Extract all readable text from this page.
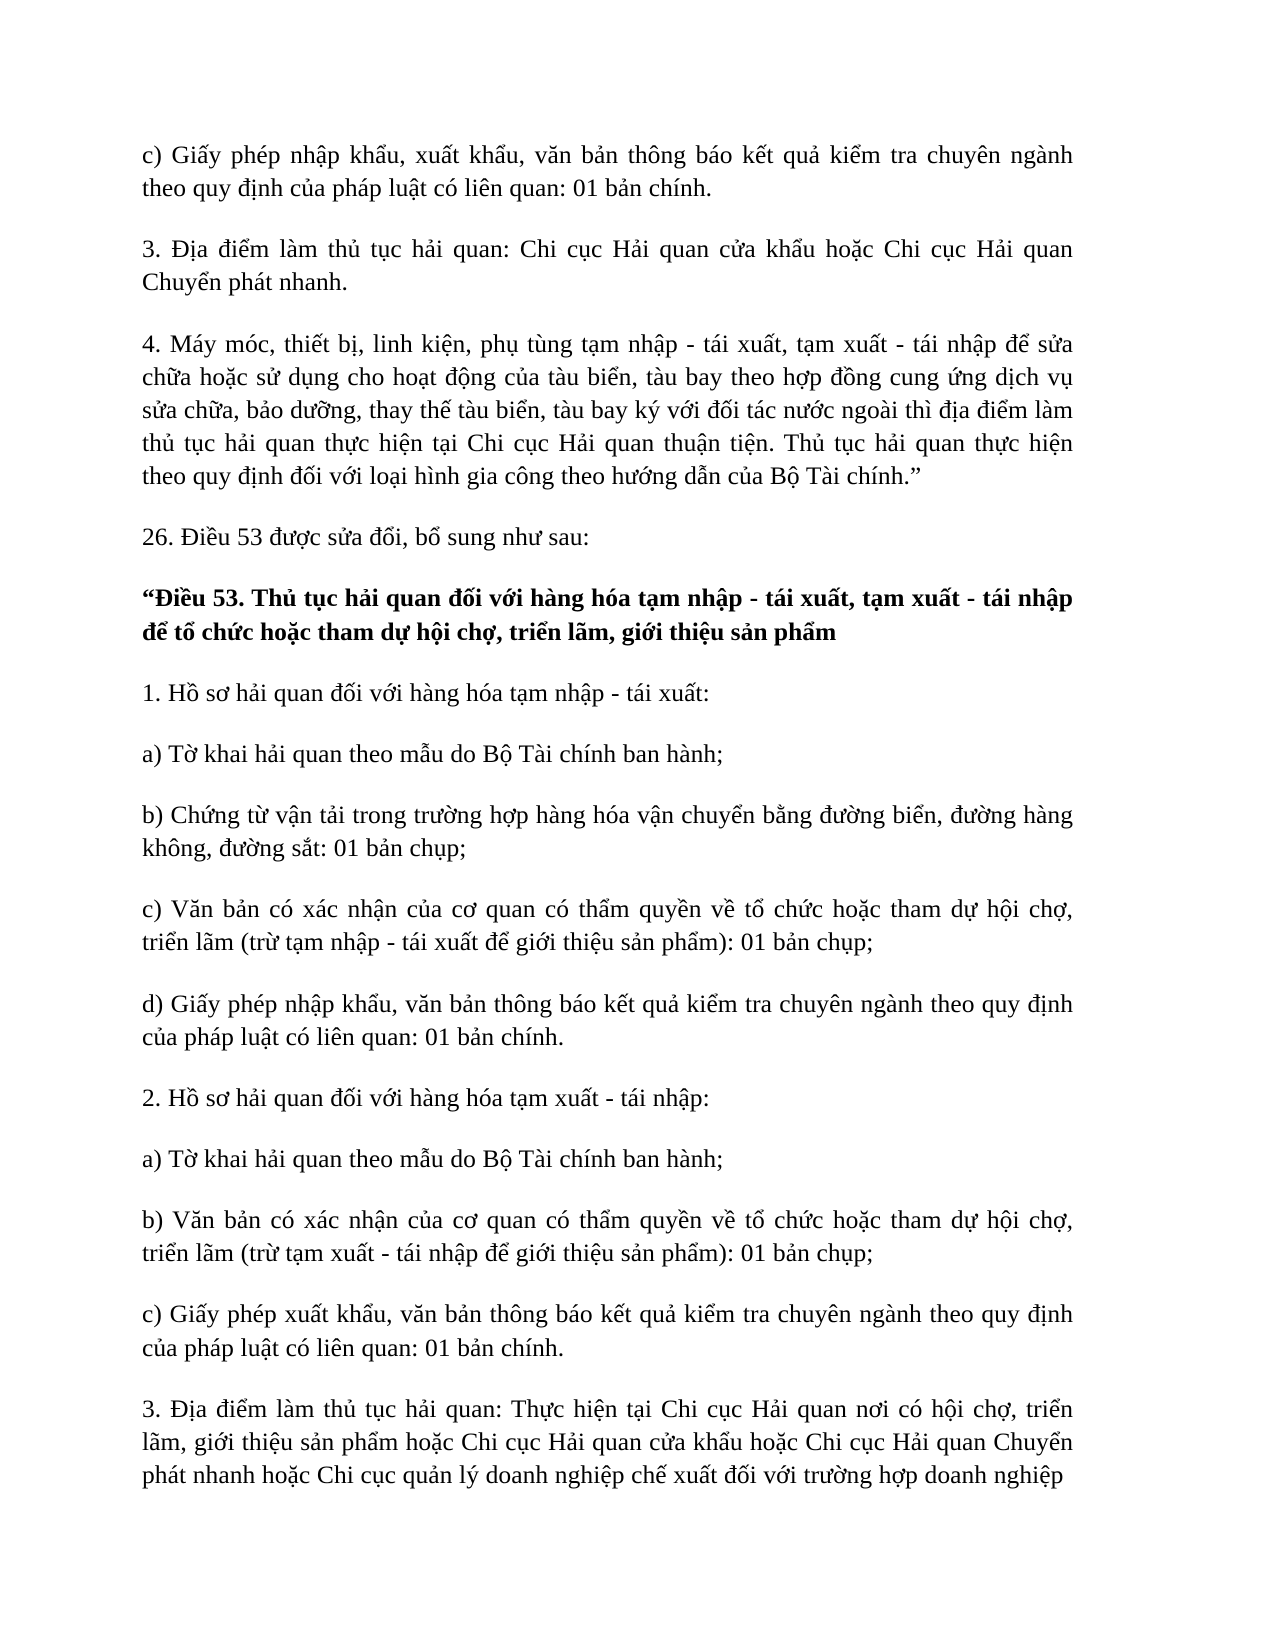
c) Giấy phép nhập khẩu, xuất khẩu, văn bản thông báo kết quả kiểm tra chuyên ngành theo quy định của pháp luật có liên quan: 01 bản chính.

3. Địa điểm làm thủ tục hải quan: Chi cục Hải quan cửa khẩu hoặc Chi cục Hải quan Chuyển phát nhanh.

4. Máy móc, thiết bị, linh kiện, phụ tùng tạm nhập - tái xuất, tạm xuất - tái nhập để sửa chữa hoặc sử dụng cho hoạt động của tàu biển, tàu bay theo hợp đồng cung ứng dịch vụ sửa chữa, bảo dưỡng, thay thế tàu biển, tàu bay ký với đối tác nước ngoài thì địa điểm làm thủ tục hải quan thực hiện tại Chi cục Hải quan thuận tiện. Thủ tục hải quan thực hiện theo quy định đối với loại hình gia công theo hướng dẫn của Bộ Tài chính.”

26. Điều 53 được sửa đổi, bổ sung như sau:

“Điều 53. Thủ tục hải quan đối với hàng hóa tạm nhập - tái xuất, tạm xuất - tái nhập để tổ chức hoặc tham dự hội chợ, triển lãm, giới thiệu sản phẩm

1. Hồ sơ hải quan đối với hàng hóa tạm nhập - tái xuất:

a) Tờ khai hải quan theo mẫu do Bộ Tài chính ban hành;

b) Chứng từ vận tải trong trường hợp hàng hóa vận chuyển bằng đường biển, đường hàng không, đường sắt: 01 bản chụp;

c) Văn bản có xác nhận của cơ quan có thẩm quyền về tổ chức hoặc tham dự hội chợ, triển lãm (trừ tạm nhập - tái xuất để giới thiệu sản phẩm): 01 bản chụp;

d) Giấy phép nhập khẩu, văn bản thông báo kết quả kiểm tra chuyên ngành theo quy định của pháp luật có liên quan: 01 bản chính.

2. Hồ sơ hải quan đối với hàng hóa tạm xuất - tái nhập:

a) Tờ khai hải quan theo mẫu do Bộ Tài chính ban hành;

b) Văn bản có xác nhận của cơ quan có thẩm quyền về tổ chức hoặc tham dự hội chợ, triển lãm (trừ tạm xuất - tái nhập để giới thiệu sản phẩm): 01 bản chụp;

c) Giấy phép xuất khẩu, văn bản thông báo kết quả kiểm tra chuyên ngành theo quy định của pháp luật có liên quan: 01 bản chính.

3. Địa điểm làm thủ tục hải quan: Thực hiện tại Chi cục Hải quan nơi có hội chợ, triển lãm, giới thiệu sản phẩm hoặc Chi cục Hải quan cửa khẩu hoặc Chi cục Hải quan Chuyển phát nhanh hoặc Chi cục quản lý doanh nghiệp chế xuất đối với trường hợp doanh nghiệp
